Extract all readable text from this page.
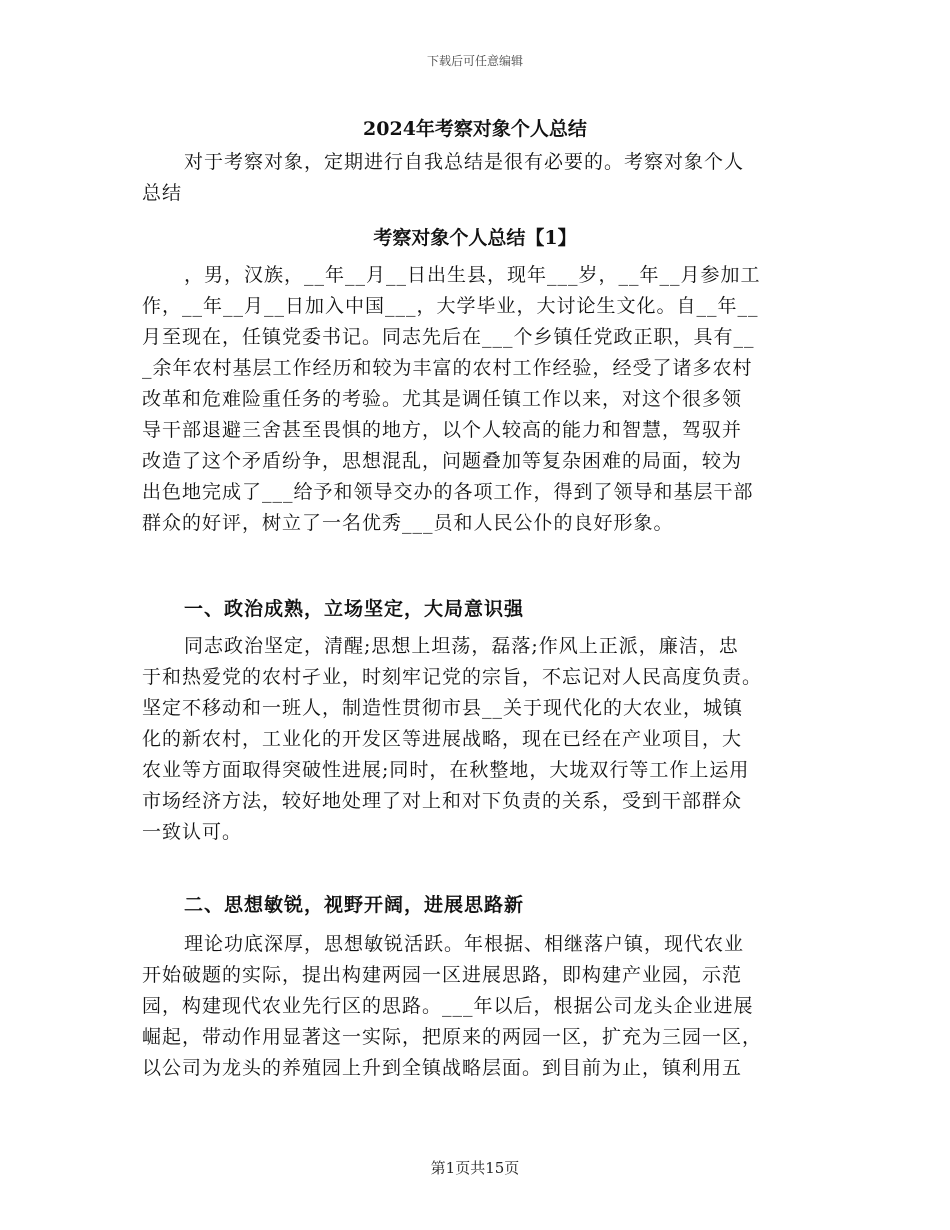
下载后可任意编辑
2024年考察对象个人总结
对于考察对象，定期进行自我总结是很有必要的。考察对象个人
总结
考察对象个人总结【1】
，男，汉族，__年__月__日出生县，现年___岁，__年__月参加工
作，__年__月__日加入中国___，大学毕业，大讨论生文化。自__年__
月至现在，任镇党委书记。同志先后在___个乡镇任党政正职，具有__
_余年农村基层工作经历和较为丰富的农村工作经验，经受了诸多农村
改革和危难险重任务的考验。尤其是调任镇工作以来，对这个很多领
导干部退避三舍甚至畏惧的地方，以个人较高的能力和智慧，驾驭并
改造了这个矛盾纷争，思想混乱，问题叠加等复杂困难的局面，较为
出色地完成了___给予和领导交办的各项工作，得到了领导和基层干部
群众的好评，树立了一名优秀___员和人民公仆的良好形象。
一、政治成熟，立场坚定，大局意识强
同志政治坚定，清醒;思想上坦荡，磊落;作风上正派，廉洁，忠
于和热爱党的农村孑业，时刻牢记党的宗旨，不忘记对人民高度负责。
坚定不移动和一班人，制造性贯彻市县__关于现代化的大农业，城镇
化的新农村，工业化的开发区等进展战略，现在已经在产业项目，大
农业等方面取得突破性进展;同时，在秋整地，大垅双行等工作上运用
市场经济方法，较好地处理了对上和对下负责的关系，受到干部群众
一致认可。
二、思想敏锐，视野开阔，进展思路新
理论功底深厚，思想敏锐活跃。年根据、相继落户镇，现代农业
开始破题的实际，提出构建两园一区进展思路，即构建产业园，示范
园，构建现代农业先行区的思路。___年以后，根据公司龙头企业进展
崛起，带动作用显著这一实际，把原来的两园一区，扩充为三园一区，
以公司为龙头的养殖园上升到全镇战略层面。到目前为止，镇利用五
第1页共15页
